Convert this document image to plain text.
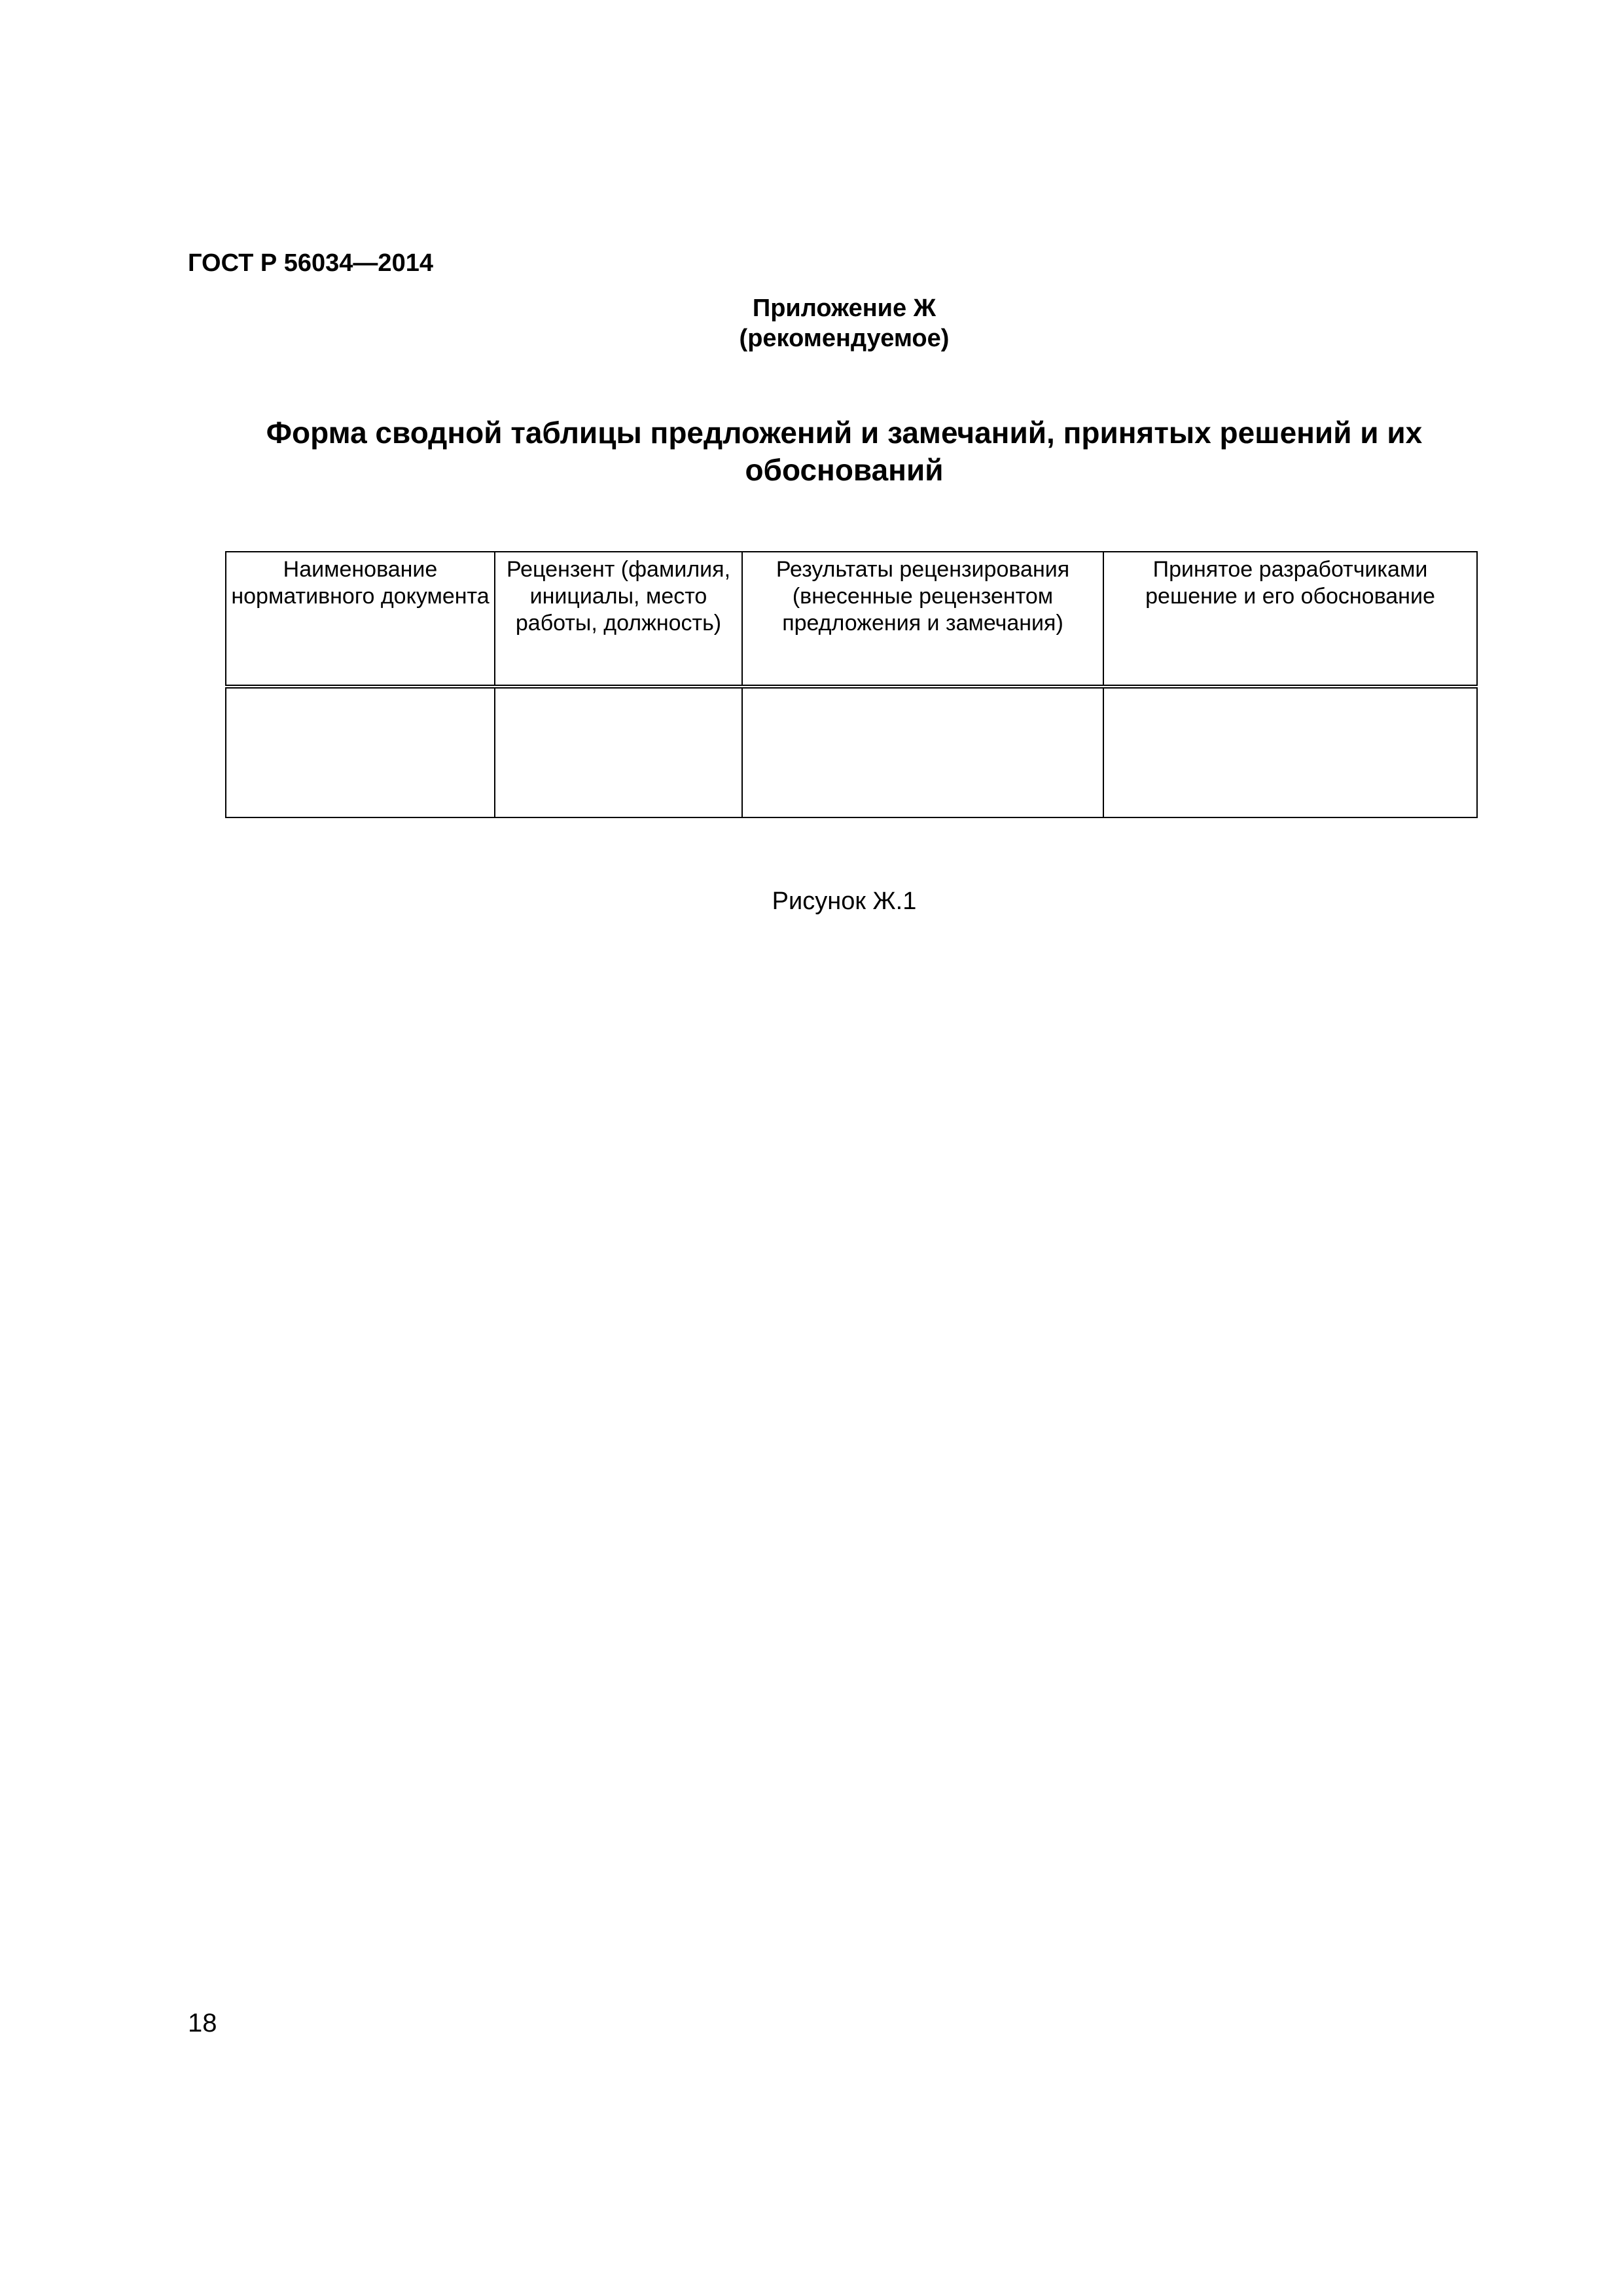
ГОСТ Р 56034—2014
Приложение Ж
(рекомендуемое)
Форма сводной таблицы предложений и замечаний, принятых решений и их обоснований
Наименование нормативного документа	Рецензент (фамилия, инициалы, место работы, должность)	Результаты рецензирования (внесенные рецензентом предложения и замечания)	Принятое разработчиками решение и его обоснование

Рисунок Ж.1

18
